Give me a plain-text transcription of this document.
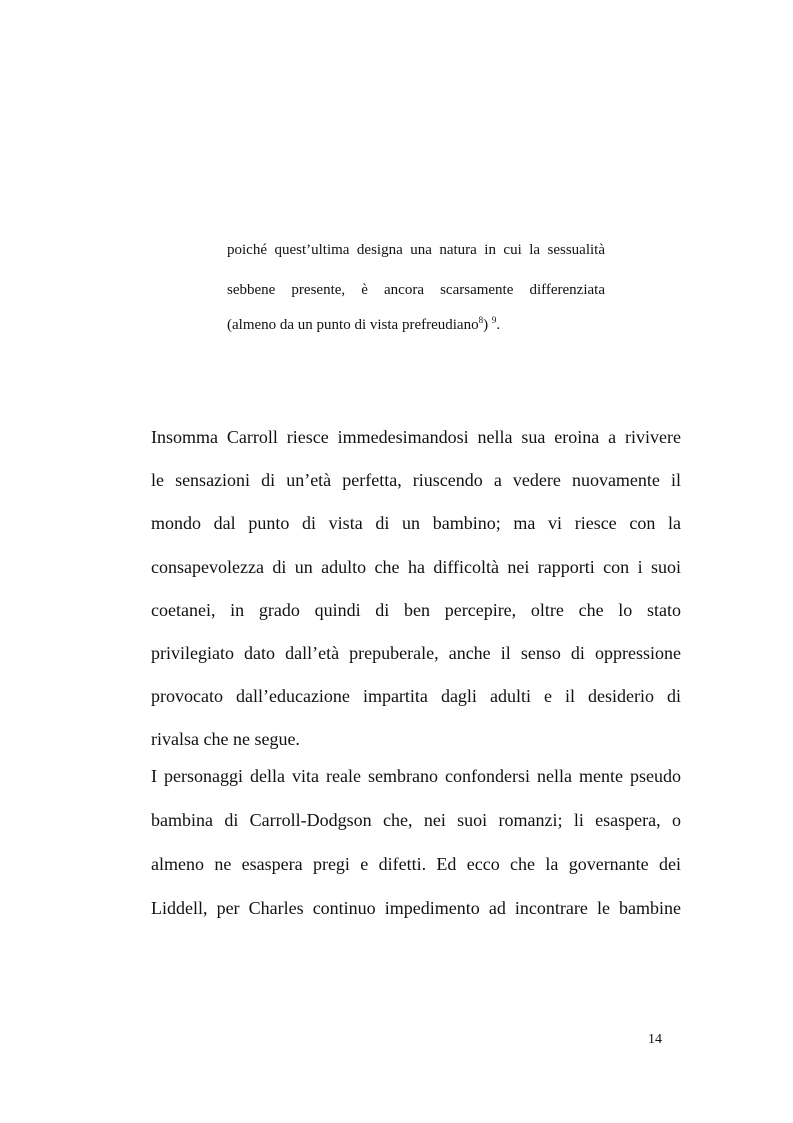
poiché quest’ultima designa una natura in cui la sessualità
sebbene presente, è ancora scarsamente differenziata
(almeno da un punto di vista prefreudiano$^8$) $^9$.
Insomma Carroll riesce immedesimandosi nella sua eroina a rivivere
le sensazioni di un’età perfetta, riuscendo a vedere nuovamente il
mondo dal punto di vista di un bambino; ma vi riesce con la
consapevolezza di un adulto che ha difficoltà nei rapporti con i suoi
coetanei, in grado quindi di ben percepire, oltre che lo stato
privilegiato dato dall’età prepuberale, anche il senso di oppressione
provocato dall’educazione impartita dagli adulti e il desiderio di
rivalsa che ne segue.
I personaggi della vita reale sembrano confondersi nella mente pseudo
bambina di Carroll-Dodgson che, nei suoi romanzi; li esaspera, o
almeno ne esaspera pregi e difetti. Ed ecco che la governante dei
Liddell, per Charles continuo impedimento ad incontrare le bambine
14
